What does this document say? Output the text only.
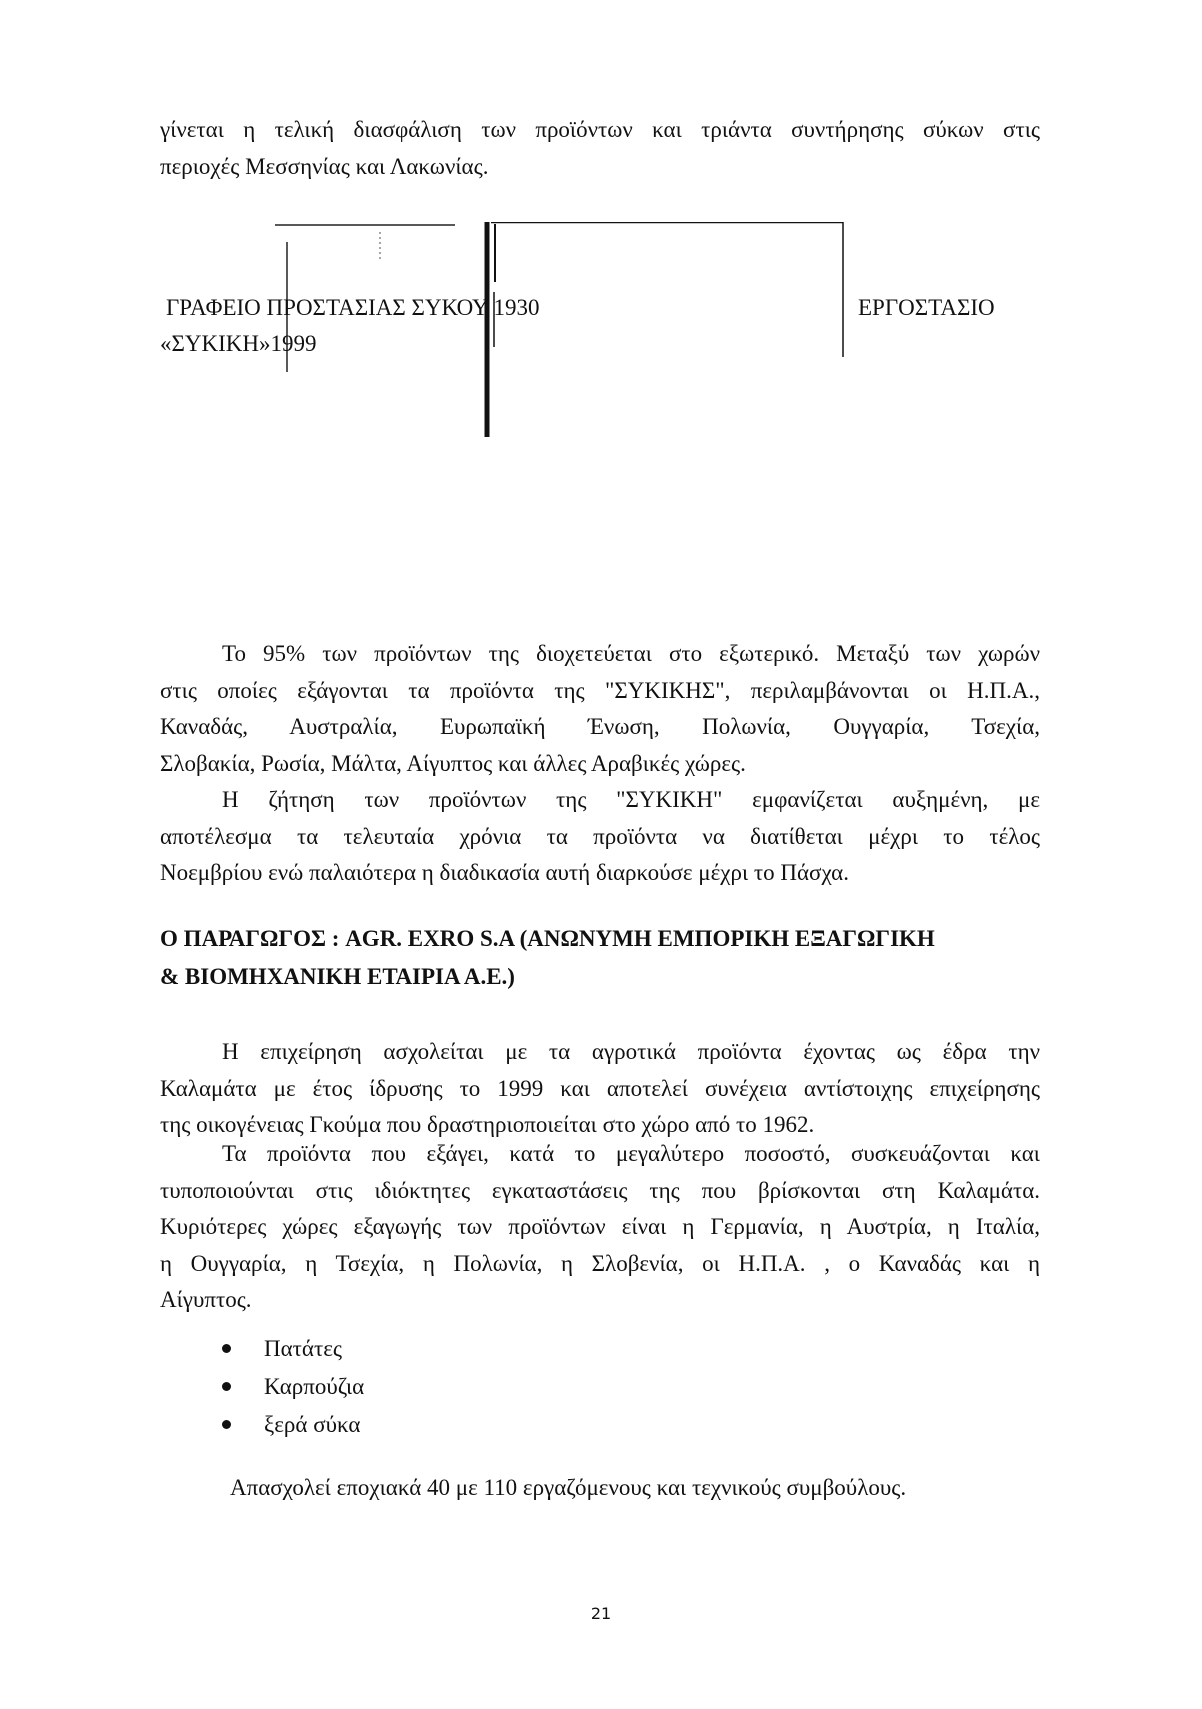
γίνεται η τελική διασφάλιση των προϊόντων και τριάντα συντήρησης σύκων στις
περιοχές Μεσσηνίας και Λακωνίας.

ΓΡΑΦΕΙΟ ΠΡΟΣΤΑΣΙΑΣ ΣΥΚΟΥ 1930	ΕΡΓΟΣΤΑΣΙΟ

«ΣΥΚΙΚΗ»1999

Το 95% των προϊόντων της διοχετεύεται στο εξωτερικό. Μεταξύ των χωρών
στις οποίες εξάγονται τα προϊόντα της "ΣΥΚΙΚΗΣ", περιλαμβάνονται οι Η.Π.Α.,
Καναδάς, Αυστραλία, Ευρωπαϊκή Ένωση, Πολωνία, Ουγγαρία, Τσεχία,
Σλοβακία, Ρωσία, Μάλτα, Αίγυπτος και άλλες Αραβικές χώρες.

Η ζήτηση των προϊόντων της "ΣΥΚΙΚΗ" εμφανίζεται αυξημένη, με
αποτέλεσμα τα τελευταία χρόνια τα προϊόντα να διατίθεται μέχρι το τέλος
Νοεμβρίου ενώ παλαιότερα η διαδικασία αυτή διαρκούσε μέχρι το Πάσχα.

Ο ΠΑΡΑΓΩΓΟΣ : AGR. EXRO S.A (ΑΝΩΝΥΜΗ ΕΜΠΟΡΙΚΗ ΕΞΑΓΩΓΙΚΗ
& ΒΙΟΜΗΧΑΝΙΚΗ ΕΤΑΙΡΙΑ Α.Ε.)

Η επιχείρηση ασχολείται με τα αγροτικά προϊόντα έχοντας ως έδρα την
Καλαμάτα με έτος ίδρυσης το 1999 και αποτελεί συνέχεια αντίστοιχης επιχείρησης
της οικογένειας Γκούμα που δραστηριοποιείται στο χώρο από το 1962.

Τα προϊόντα που εξάγει, κατά το μεγαλύτερο ποσοστό, συσκευάζονται και
τυποποιούνται στις ιδιόκτητες εγκαταστάσεις της που βρίσκονται στη Καλαμάτα.
Κυριότερες χώρες εξαγωγής των προϊόντων είναι η Γερμανία, η Αυστρία, η Ιταλία,
η Ουγγαρία, η Τσεχία, η Πολωνία, η Σλοβενία, οι Η.Π.Α. , ο Καναδάς και η
Αίγυπτος.

Πατάτες
Καρπούζια
ξερά σύκα

Απασχολεί εποχιακά 40 με 110 εργαζόμενους και τεχνικούς συμβούλους.

21
